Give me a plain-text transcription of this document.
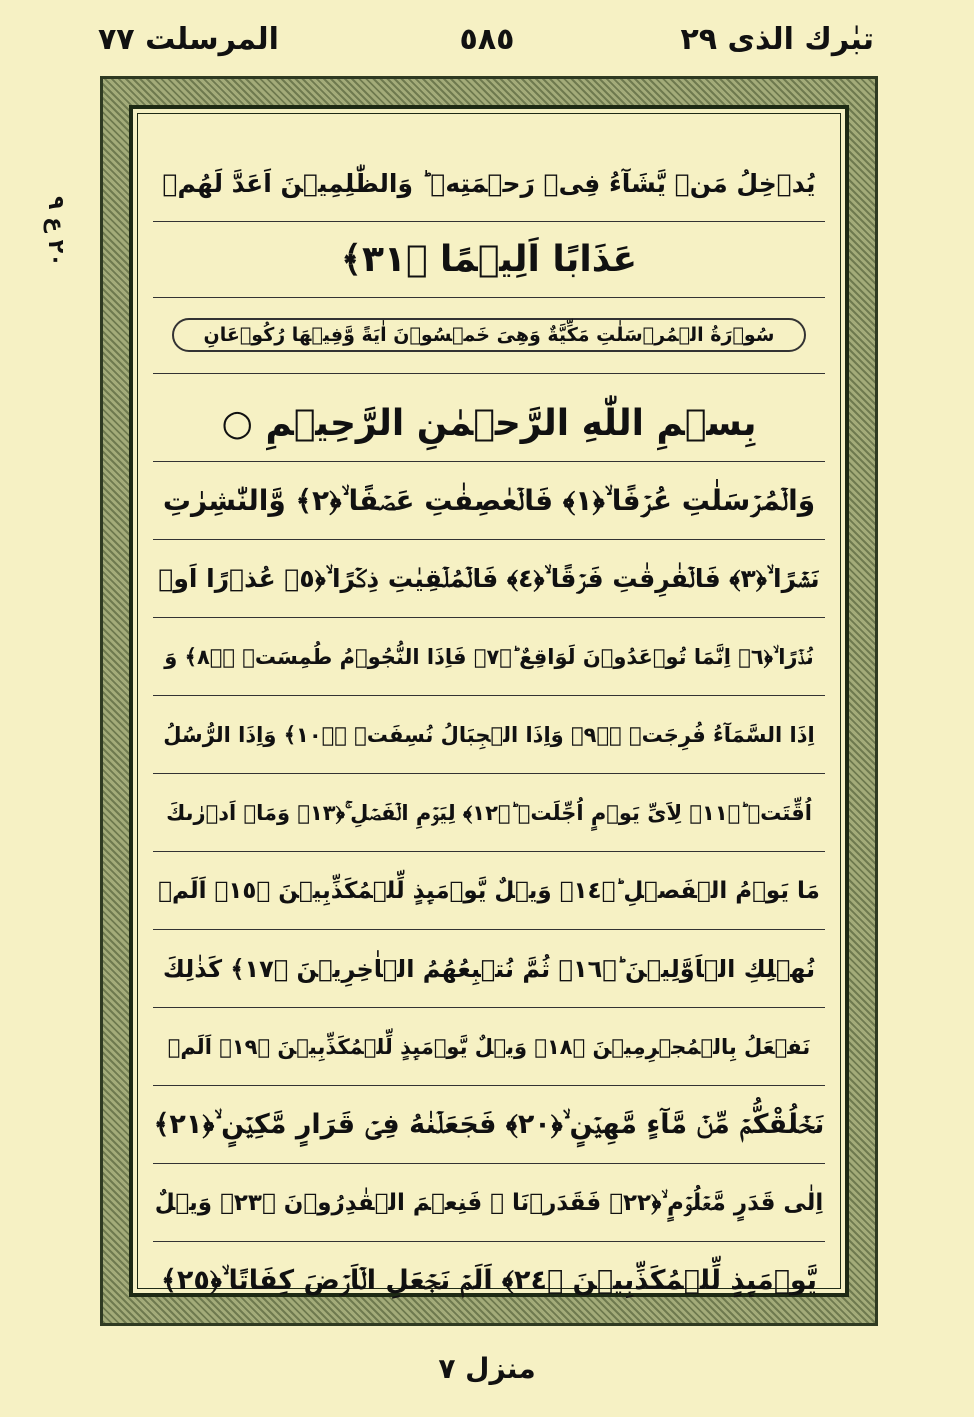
تبٰرك الذى ٢٩
٥٨٥
المرسلت ٧٧
٢٠ ع ٩
يُدۡخِلُ مَنۡ يَّشَآءُ فِىۡ رَحۡمَتِهٖ ؕ وَالظّٰلِمِيۡنَ اَعَدَّ لَهُمۡ
عَذَابًا اَلِيۡمًا ﴿٣١﴾
سُوۡرَةُ الۡمُرۡسَلٰتِ مَكِّيَّةٌ وَهِىَ خَمۡسُوۡنَ اٰيَةً وَّفِيۡهَا رُكُوۡعَانِ
بِسۡمِ اللّٰهِ الرَّحۡمٰنِ الرَّحِيۡمِ ○
وَالۡمُرۡسَلٰتِ عُرۡفًا ۙ﴿١﴾ فَالۡعٰصِفٰتِ عَصۡفًا ۙ﴿٢﴾ وَّالنّٰشِرٰتِ
نَشۡرًا ۙ﴿٣﴾ فَالۡفٰرِقٰتِ فَرۡقًا ۙ﴿٤﴾ فَالۡمُلۡقِيٰتِ ذِكۡرًا ۙ﴿٥﴾ عُذۡرًا اَوۡ
نُذۡرًا ۙ﴿٦﴾ اِنَّمَا تُوۡعَدُوۡنَ لَوَاقِعٌ ؕ﴿٧﴾ فَاِذَا النُّجُوۡمُ طُمِسَتۡ ۙ﴿٨﴾ وَ
اِذَا السَّمَآءُ فُرِجَتۡ ۙ﴿٩﴾ وَاِذَا الۡجِبَالُ نُسِفَتۡ ۙ﴿١٠﴾ وَاِذَا الرُّسُلُ
اُقِّتَتۡ ؕ﴿١١﴾ لِاَىِّ يَوۡمٍ اُجِّلَتۡ ؕ﴿١٢﴾ لِيَوۡمِ الۡفَصۡلِ ۚ﴿١٣﴾ وَمَاۤ اَدۡرٰٮكَ
مَا يَوۡمُ الۡفَصۡلِ ؕ﴿١٤﴾ وَيۡلٌ يَّوۡمَٮِٕذٍ لِّلۡمُكَذِّبِيۡنَ ﴿١٥﴾ اَلَمۡ
نُهۡلِكِ الۡاَوَّلِيۡنَ ؕ﴿١٦﴾ ثُمَّ نُتۡبِعُهُمُ الۡاٰخِرِيۡنَ ﴿١٧﴾ كَذٰلِكَ
نَفۡعَلُ بِالۡمُجۡرِمِيۡنَ ﴿١٨﴾ وَيۡلٌ يَّوۡمَٮِٕذٍ لِّلۡمُكَذِّبِيۡنَ ﴿١٩﴾ اَلَمۡ
نَخۡلُقْكُّمۡ مِّنۡ مَّآءٍ مَّهِيۡنٍ ۙ﴿٢٠﴾ فَجَعَلۡنٰهُ فِىۡ قَرَارٍ مَّكِيۡنٍ ۙ﴿٢١﴾
اِلٰى قَدَرٍ مَّعۡلُوۡمٍ ۙ﴿٢٢﴾ فَقَدَرۡنَا ۖ فَنِعۡمَ الۡقٰدِرُوۡنَ ﴿٢٣﴾ وَيۡلٌ
يَّوۡمَٮِٕذٍ لِّلۡمُكَذِّبِيۡنَ ﴿٢٤﴾ اَلَمۡ نَجۡعَلِ الۡاَرۡضَ كِفَاتًا ۙ﴿٢٥﴾
منزل ٧
